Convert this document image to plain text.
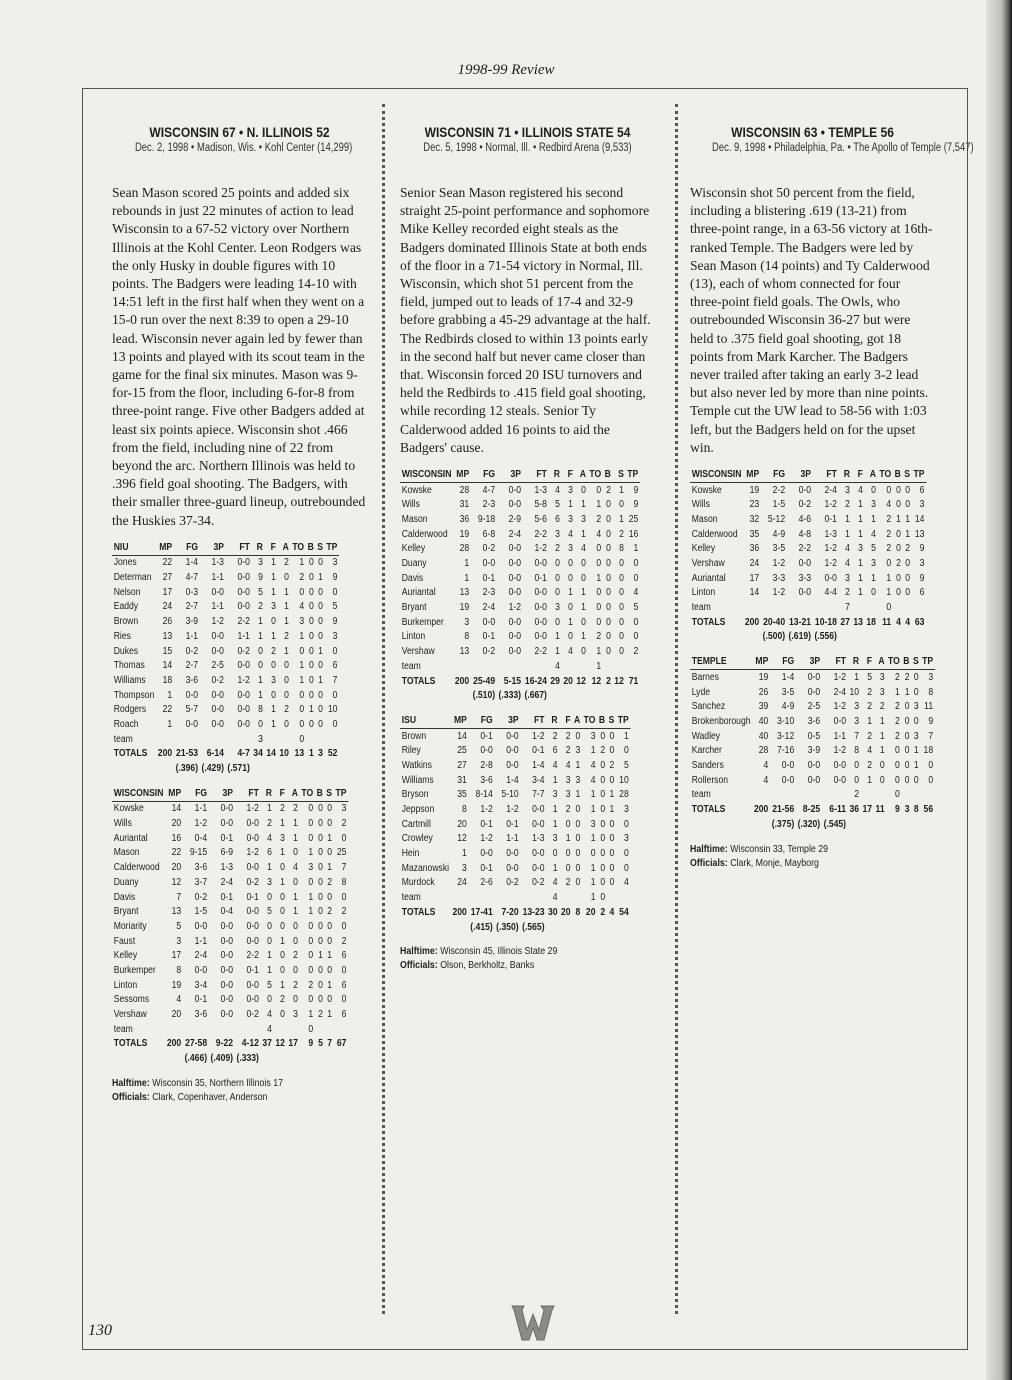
1998-99 Review
WISCONSIN 67 • N. ILLINOIS 52
Dec. 2, 1998 • Madison, Wis. • Kohl Center (14,299)
Sean Mason scored 25 points and added six rebounds in just 22 minutes of action to lead Wisconsin to a 67-52 victory over Northern Illinois at the Kohl Center. Leon Rodgers was the only Husky in double figures with 10 points. The Badgers were leading 14-10 with 14:51 left in the first half when they went on a 15-0 run over the next 8:39 to open a 29-10 lead. Wisconsin never again led by fewer than 13 points and played with its scout team in the game for the final six minutes. Mason was 9-for-15 from the floor, including 6-for-8 from three-point range. Five other Badgers added at least six points apiece. Wisconsin shot .466 from the field, including nine of 22 from beyond the arc. Northern Illinois was held to .396 field goal shooting. The Badgers, with their smaller three-guard lineup, outrebounded the Huskies 37-34.
NIU	MP	FG	3P	FT	R	F	A	TO	B	S	TP
Jones	22	1-4	1-3	0-0	3	1	2	1	0	0	3
Determan	27	4-7	1-1	0-0	9	1	0	2	0	1	9
Nelson	17	0-3	0-0	0-0	5	1	1	0	0	0	0
Eaddy	24	2-7	1-1	0-0	2	3	1	4	0	0	5
Brown	26	3-9	1-2	2-2	1	0	1	3	0	0	9
Ries	13	1-1	0-0	1-1	1	1	2	1	0	0	3
Dukes	15	0-2	0-0	0-2	0	2	1	0	0	1	0
Thomas	14	2-7	2-5	0-0	0	0	0	1	0	0	6
Williams	18	3-6	0-2	1-2	1	3	0	1	0	1	7
Thompson	1	0-0	0-0	0-0	1	0	0	0	0	0	0
Rodgers	22	5-7	0-0	0-0	8	1	2	0	1	0	10
Roach	1	0-0	0-0	0-0	0	1	0	0	0	0	0
team					3			0			
TOTALS	200	21-53	6-14	4-7	34	14	10	13	1	3	52
		(.396)	(.429)	(.571)							
WISCONSIN	MP	FG	3P	FT	R	F	A	TO	B	S	TP
Kowske	14	1-1	0-0	1-2	1	2	2	0	0	0	3
Wills	20	1-2	0-0	0-0	2	1	1	0	0	0	2
Auriantal	16	0-4	0-1	0-0	4	3	1	0	0	1	0
Mason	22	9-15	6-9	1-2	6	1	0	1	0	0	25
Calderwood	20	3-6	1-3	0-0	1	0	4	3	0	1	7
Duany	12	3-7	2-4	0-2	3	1	0	0	0	2	8
Davis	7	0-2	0-1	0-1	0	0	1	1	0	0	0
Bryant	13	1-5	0-4	0-0	5	0	1	1	0	2	2
Moriarity	5	0-0	0-0	0-0	0	0	0	0	0	0	0
Faust	3	1-1	0-0	0-0	0	1	0	0	0	0	2
Kelley	17	2-4	0-0	2-2	1	0	2	0	1	1	6
Burkemper	8	0-0	0-0	0-1	1	0	0	0	0	0	0
Linton	19	3-4	0-0	0-0	5	1	2	2	0	1	6
Sessoms	4	0-1	0-0	0-0	0	2	0	0	0	0	0
Vershaw	20	3-6	0-0	0-2	4	0	3	1	2	1	6
team					4			0			
TOTALS	200	27-58	9-22	4-12	37	12	17	9	5	7	67
		(.466)	(.409)	(.333)							
Halftime: Wisconsin 35, Northern Illinois 17
Officials: Clark, Copenhaver, Anderson
WISCONSIN 71 • ILLINOIS STATE 54
Dec. 5, 1998 • Normal, Ill. • Redbird Arena (9,533)
Senior Sean Mason registered his second straight 25-point performance and sophomore Mike Kelley recorded eight steals as the Badgers dominated Illinois State at both ends of the floor in a 71-54 victory in Normal, Ill. Wisconsin, which shot 51 percent from the field, jumped out to leads of 17-4 and 32-9 before grabbing a 45-29 advantage at the half. The Redbirds closed to within 13 points early in the second half but never came closer than that. Wisconsin forced 20 ISU turnovers and held the Redbirds to .415 field goal shooting, while recording 12 steals. Senior Ty Calderwood added 16 points to aid the Badgers' cause.
WISCONSIN	MP	FG	3P	FT	R	F	A	TO	B	S	TP
Kowske	28	4-7	0-0	1-3	4	3	0	0	2	1	9
Wills	31	2-3	0-0	5-8	5	1	1	1	0	0	9
Mason	36	9-18	2-9	5-6	6	3	3	2	0	1	25
Calderwood	19	6-8	2-4	2-2	3	4	1	4	0	2	16
Kelley	28	0-2	0-0	1-2	2	3	4	0	0	8	1
Duany	1	0-0	0-0	0-0	0	0	0	0	0	0	0
Davis	1	0-1	0-0	0-1	0	0	0	1	0	0	0
Auriantal	13	2-3	0-0	0-0	0	1	1	0	0	0	4
Bryant	19	2-4	1-2	0-0	3	0	1	0	0	0	5
Burkemper	3	0-0	0-0	0-0	0	1	0	0	0	0	0
Linton	8	0-1	0-0	0-0	1	0	1	2	0	0	0
Vershaw	13	0-2	0-0	2-2	1	4	0	1	0	0	2
team					4			1			
TOTALS	200	25-49	5-15	16-24	29	20	12	12	2	12	71
		(.510)	(.333)	(.667)							
ISU	MP	FG	3P	FT	R	F	A	TO	B	S	TP
Brown	14	0-1	0-0	1-2	2	2	0	3	0	0	1
Riley	25	0-0	0-0	0-1	6	2	3	1	2	0	0
Watkins	27	2-8	0-0	1-4	4	4	1	4	0	2	5
Williams	31	3-6	1-4	3-4	1	3	3	4	0	0	10
Bryson	35	8-14	5-10	7-7	3	3	1	1	0	1	28
Jeppson	8	1-2	1-2	0-0	1	2	0	1	0	1	3
Cartmill	20	0-1	0-1	0-0	1	0	0	3	0	0	0
Crowley	12	1-2	1-1	1-3	3	1	0	1	0	0	3
Hein	1	0-0	0-0	0-0	0	0	0	0	0	0	0
Mazanowski	3	0-1	0-0	0-0	1	0	0	1	0	0	0
Murdock	24	2-6	0-2	0-2	4	2	0	1	0	0	4
team					4			1	0		
TOTALS	200	17-41	7-20	13-23	30	20	8	20	2	4	54
		(.415)	(.350)	(.565)							
Halftime: Wisconsin 45, Illinois State 29
Officials: Olson, Berkholtz, Banks
WISCONSIN 63 • TEMPLE 56
Dec. 9, 1998 • Philadelphia, Pa. • The Apollo of Temple (7,547)
Wisconsin shot 50 percent from the field, including a blistering .619 (13-21) from three-point range, in a 63-56 victory at 16th-ranked Temple. The Badgers were led by Sean Mason (14 points) and Ty Calderwood (13), each of whom connected for four three-point field goals. The Owls, who outrebounded Wisconsin 36-27 but were held to .375 field goal shooting, got 18 points from Mark Karcher. The Badgers never trailed after taking an early 3-2 lead but also never led by more than nine points. Temple cut the UW lead to 58-56 with 1:03 left, but the Badgers held on for the upset win.
WISCONSIN	MP	FG	3P	FT	R	F	A	TO	B	S	TP
Kowske	19	2-2	0-0	2-4	3	4	0	0	0	0	6
Wills	23	1-5	0-2	1-2	2	1	3	4	0	0	3
Mason	32	5-12	4-6	0-1	1	1	1	2	1	1	14
Calderwood	35	4-9	4-8	1-3	1	1	4	2	0	1	13
Kelley	36	3-5	2-2	1-2	4	3	5	2	0	2	9
Vershaw	24	1-2	0-0	1-2	4	1	3	0	2	0	3
Auriantal	17	3-3	3-3	0-0	3	1	1	1	0	0	9
Linton	14	1-2	0-0	4-4	2	1	0	1	0	0	6
team					7			0			
TOTALS	200	20-40	13-21	10-18	27	13	18	11	4	4	63
		(.500)	(.619)	(.556)							
TEMPLE	MP	FG	3P	FT	R	F	A	TO	B	S	TP
Barnes	19	1-4	0-0	1-2	1	5	3	2	2	0	3
Lyde	26	3-5	0-0	2-4	10	2	3	1	1	0	8
Sanchez	39	4-9	2-5	1-2	3	2	2	2	0	3	11
Brokenborough	40	3-10	3-6	0-0	3	1	1	2	0	0	9
Wadley	40	3-12	0-5	1-1	7	2	1	2	0	3	7
Karcher	28	7-16	3-9	1-2	8	4	1	0	0	1	18
Sanders	4	0-0	0-0	0-0	0	2	0	0	0	1	0
Rollerson	4	0-0	0-0	0-0	0	1	0	0	0	0	0
team					2			0			
TOTALS	200	21-56	8-25	6-11	36	17	11	9	3	8	56
		(.375)	(.320)	(.545)							
Halftime: Wisconsin 33, Temple 29
Officials: Clark, Monje, Mayborg
130
